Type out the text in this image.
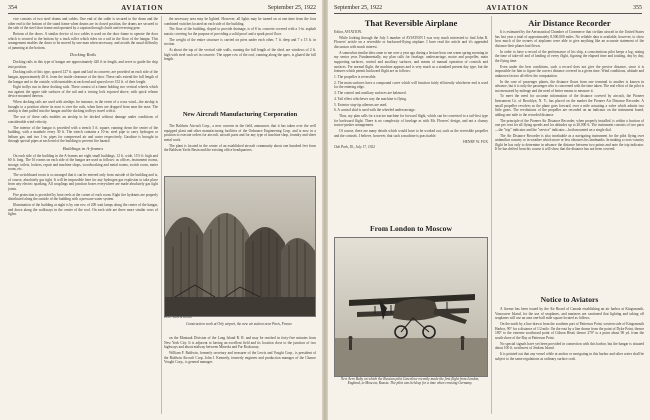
354	AVIATION	September 25, 1922

vice consists of two steel drums and cables. One end of the cable is secured to the drum and the other end to the bottom of the stand frame when drums are in closed position, the drums are secured to the side of the steel door frame and operated by a capstan through clutch and reversing gear.

Bottom of the doors. A similar device of two cables is used on the door frame to operate the door which is secured to the bottom by a track roller which rides on a rail in the floor of the hangar. This arrangement enables the doors to be moved by one man when necessary, and avoids the usual difficulty of jamming at the bottom.

Docking Rails

Docking rails in this type of hangar are approximately 420 ft in length, and serve to guide the ship into position.

Docking rails of this type, spaced 127 ft. apart and laid in concrete, are provided on each side of the hangar, approximately 40 ft. from the inside clearance of the door. These rails extend the full length of the hangar and to the outside, with turntables at each end and spaced over 152 ft. of their length.

Eight trollys run in these docking rails. These consist of a frame holding two vertical wheels which run against the upper side surfaces of the rail and a towing lock exposed above, with quick release device mounted thereon.

When docking rails are used with airships for instance, in the event of a cross wind—the airship is brought to a position where its nose is over the rails, when lines are dropped from near the nose. The airship is then pulled into the hangar and the docking trolleys travel with it.

The use of these rails enables an airship to be docked without damage under conditions of considerable wind velocity.

The interior of the hangar is provided with a trench 3 ft. square, running down the center of the building, with a manhole every 30 ft. The trench contains a 10-in. steel pipe to carry hydrogen or helium gas; and two 1-in. pipes for compressed air and water respectively. Gasoline is brought in through special pipes at each end of the building to prevent fire hazard.

Buildings in A-frames

On each side of the building in the A-frames are eight small buildings, 12 ft. wide, 15½ ft. high and 60 ft. long. The 16 rooms on each side of the hangar are used as follows: as offices, instrument rooms, storage, toilets, lockers, repair and machine shops, woodworking and metal rooms, switch room, meter room, etc.

The switchboard room is so arranged that it can be entered only from outside of the building and is, of course, absolutely gas tight. It will be impossible here for any hydrogen gas explosion to take place from any electric sparking. All couplings and junction boxes everywhere are made absolutely gas tight joints.

Fire protection is provided by hose reels at the corner of each room. Eight fire hydrants are properly distributed along the outside of the building with a pressure water system.

Illumination of the building at night is by one row of 200 watt lamps along the center of the hangar, and down along the walkways in the center of the roof. On each side are three more similar rows of lights.

the necessary area may be lighted. However, all lights may be turned on at one time from the four combined switches located on each side of the building.

The floor of the building, sloped to provide drainage, is of 8 in. concrete covered with a 1-in. asphalt mastic covering for the purpose of providing a solid proof and a spark proof floor.

The weight of the entire structure is carried on piers under each other, 7 ft. deep and 7 x 15 ft. in section.

At about the top of the vertical side walls, running the full length of the shed, are windows of 2 ft. high with steel sash set in concrete. The upper row of the roof, running along the apex, is glazed the full length.

New Aircraft Manufacturing Corporation

The Baldwin Aircraft Corp., a new concern in the field, announces that it has taken over the well equipped plant and other manufacturing facilities of the Ordnance Engineering Corp. and is now in a position to execute orders for aircraft, aircraft parts and for any type of machine shop, foundry and sheet metal work.

The plant is located in the center of an established aircraft community about one hundred feet from the Baldwin Yacht Basin and the existing office headquarters.

Photo: Keith & Herbert
Construction work at Orly airport, the new air station near Paris, France

on the Montauk Division of the Long Island R. R. and may be reached in forty-five minutes from New York City. It is adjacent to having an excellent field and its location close to the junction of two highways and about midway between Mineola and Far Rockaway.

William F. Baldwin, formerly secretary and treasurer of the Lewis and Vought Corp., is president of the Baldwin Aircraft Corp. John J. Kennedy, formerly engineer and production manager of the Chance Vought Corp., is general manager.

September 25, 1922	AVIATION	355
That Reversible Airplane

Editor, AVIATION.

While looking through the July 3 number of AVIATION I was very much interested to find John R. Flowers' article on a reversible or backward-flying airplane. I have read the article and it's appended discussion with much interest.

A somewhat similar idea came to me over a year ago during a lecture hour one warm spring morning in my senior year. Fundamentally, my plan calls for fuselage, undercarriage, motor and propeller, main supporting surfaces, control and auxiliary surfaces, and means of manual operation of controls and surfaces. For normal flight, the machine appears and is very much as a standard present day type, but the features which permit backward flight are as follows:

1. The propeller is reversible.

2. The main surfaces have a compound curve which will function fairly efficiently whichever end is used for the entering edge.

3. The control and auxiliary surfaces are balanced.

4. Tail effect whichever way the machine is flying.

5. Exterior stop-tip ailerons are used.

6. A control skid is used with the wheeled undercarriage.

Thus, my plan calls for a tractor machine for forward flight, which can be converted to a tail-first type for backward flight. There is no complexity of fuselage as with Mr. Flowers' design, and not a clumsy tractor-pusher arrangement.

Of course, there are many details which would have to be worked out, such as the reversible propeller and the controls. I believe, however, that such a machine is practicable.

HENRY W. FOX

Oak Park, Ill., July 17, 1922

From London to Moscow
New Aero Baby on which the Russian pilot Gawrilow recently made the first flight from London, England, to Moscow, Russia. The pilot was held up for a time when crossing Germany.
Air Distance Recorder

It is estimated by the Aeronautical Chamber of Commerce that civilian aircraft in the United States has last year a total of approximately 8,500,000 miles. No reliable data is available, however, to show how much of the owners of airplanes were able to give anything like an accurate statement of the distance their planes had flown.

In order to have a record of the performance of his ship, a conscientious pilot keeps a log, noting the time of take-off and of landing of every flight, figuring the elapsed time and totaling, day by day, the flying time.

Even under the best conditions, such a record does not give the precise distance, since it is impossible for him to figure the correct distance covered in a given time. Wind conditions, altitude and unknown factors all effect the computation.

In the case of passenger planes, the distance flown from one terminal to another is known in advance, but it is only the passenger who is concerned with the time taken. The real effort of the pilot is not measured by mileage and the need of better means to measure it.

To meet the need for accurate information of the distance covered by aircraft, the Pioneer Instrument Co. of Brooklyn, N. Y., has placed on the market the Pioneer Air Distance Recorder. A small propeller revolves as the plane goes forward, over a mile actuating a valve which admits two little gears. The revolutions of the propeller are recorded on an indicator on the instrument board, adding one mile to the recorded distance.

The principle of the Pioneer Air Distance Recorder, when properly installed, is within a fraction of one per cent for all flying speeds and for altitudes up to 20,000 ft. The instrument consists of two parts—the "trip" indicator and the "service" indicator—both mounted on a single dial.

The Air Distance Recorder is also invaluable as a navigating instrument for the pilot flying over unfamiliar country or in weather which more or less obscures his landmarks. In making a cross-country flight he has only to determine in advance the distance between two points and note the trip indicator. If he has drifted from his course it will show that the distance has not been covered.

Notice to Aviators

A license has been issued by the Air Board of Canada establishing an air harbor at Kingsmouth, Vancouver Island, for the use of seaplanes, and mariners are cautioned that lighting and taking off seaplanes will use an area one-half mile square located as follows.

On the north by a line drawn from the southern part of Patterson Point, western side of Kingsmouth Harbor, 90° for a distance of 1/2 mile. On the east by a line drawn from the point of Dyke Point, thence 180° to the extreme southward point of Gibson Head, thence 270° to a point about 90 yd. from the south shore of the Bay at Patterson Point.

No special signals have yet been provided in connection with this harbor, but the hangar is situated about 100 ft. northwest of Jenkins Island.

It is pointed out that any vessel while at anchor or navigating in this harbor and other water shall be subject to the same regulations as ordinary surface craft.
